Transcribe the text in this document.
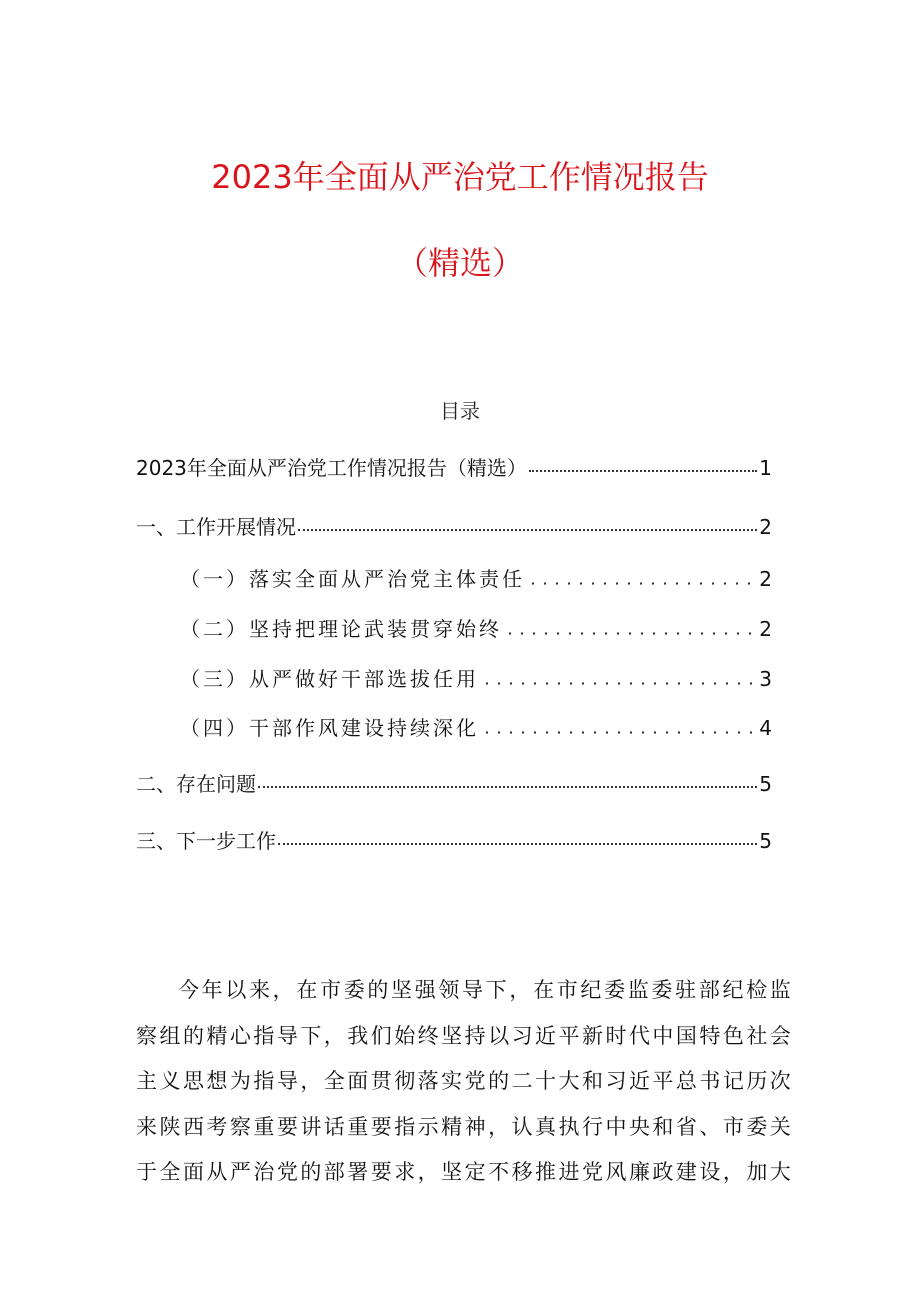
2023年全面从严治党工作情况报告
（精选）
目录
2023年全面从严治党工作情况报告（精选）	1
一、工作开展情况	2
（一）落实全面从严治党主体责任	2
（二）坚持把理论武装贯穿始终	2
（三）从严做好干部选拔任用	3
（四）干部作风建设持续深化	4
二、存在问题	5
三、下一步工作	5
今年以来，在市委的坚强领导下，在市纪委监委驻部纪检监
察组的精心指导下，我们始终坚持以习近平新时代中国特色社会
主义思想为指导，全面贯彻落实党的二十大和习近平总书记历次
来陕西考察重要讲话重要指示精神，认真执行中央和省、市委关
于全面从严治党的部署要求，坚定不移推进党风廉政建设，加大
